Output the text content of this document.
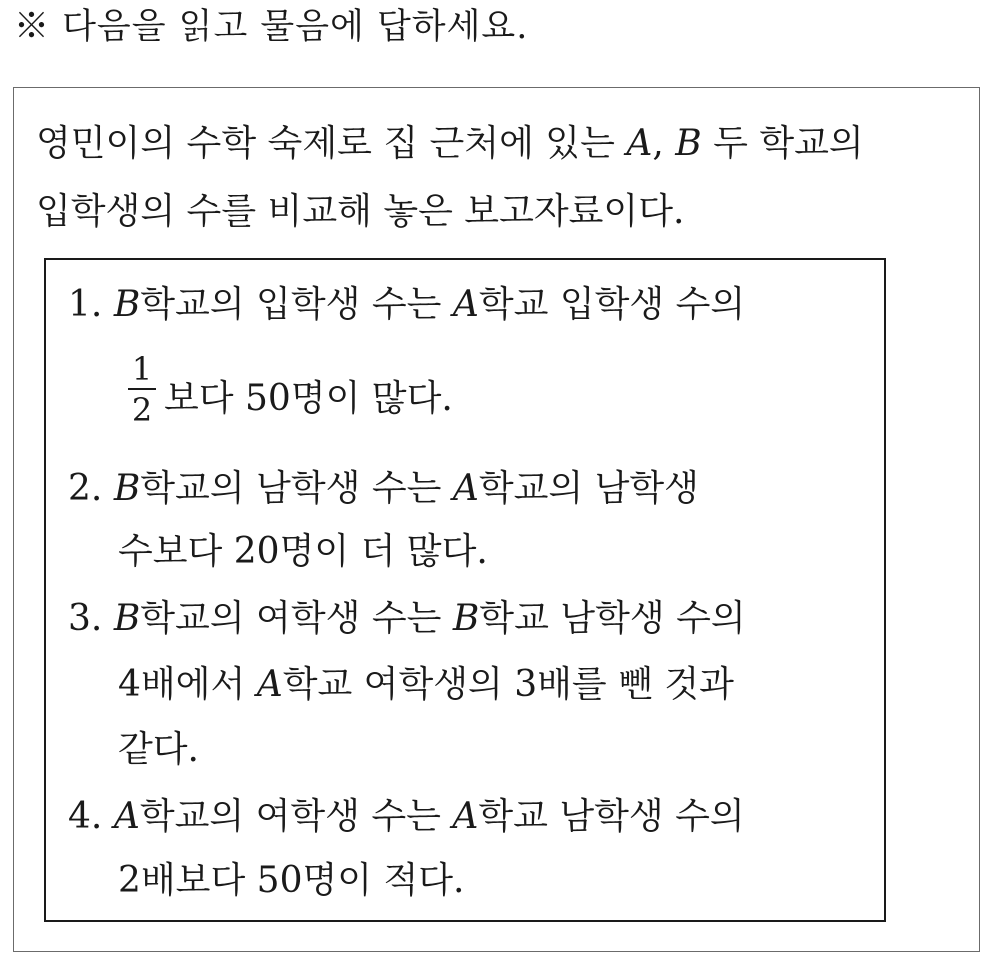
※ 다음을 읽고 물음에 답하세요.
영민이의 수학 숙제로 집 근처에 있는 A, B 두 학교의
입학생의 수를 비교해 놓은 보고자료이다.
1. B학교의 입학생 수는 A학교 입학생 수의
1
2 보다 50명이 많다.
2. B학교의 남학생 수는 A학교의 남학생
수보다 20명이 더 많다.
3. B학교의 여학생 수는 B학교 남학생 수의
4배에서 A학교 여학생의 3배를 뺀 것과
같다.
4. A학교의 여학생 수는 A학교 남학생 수의
2배보다 50명이 적다.
